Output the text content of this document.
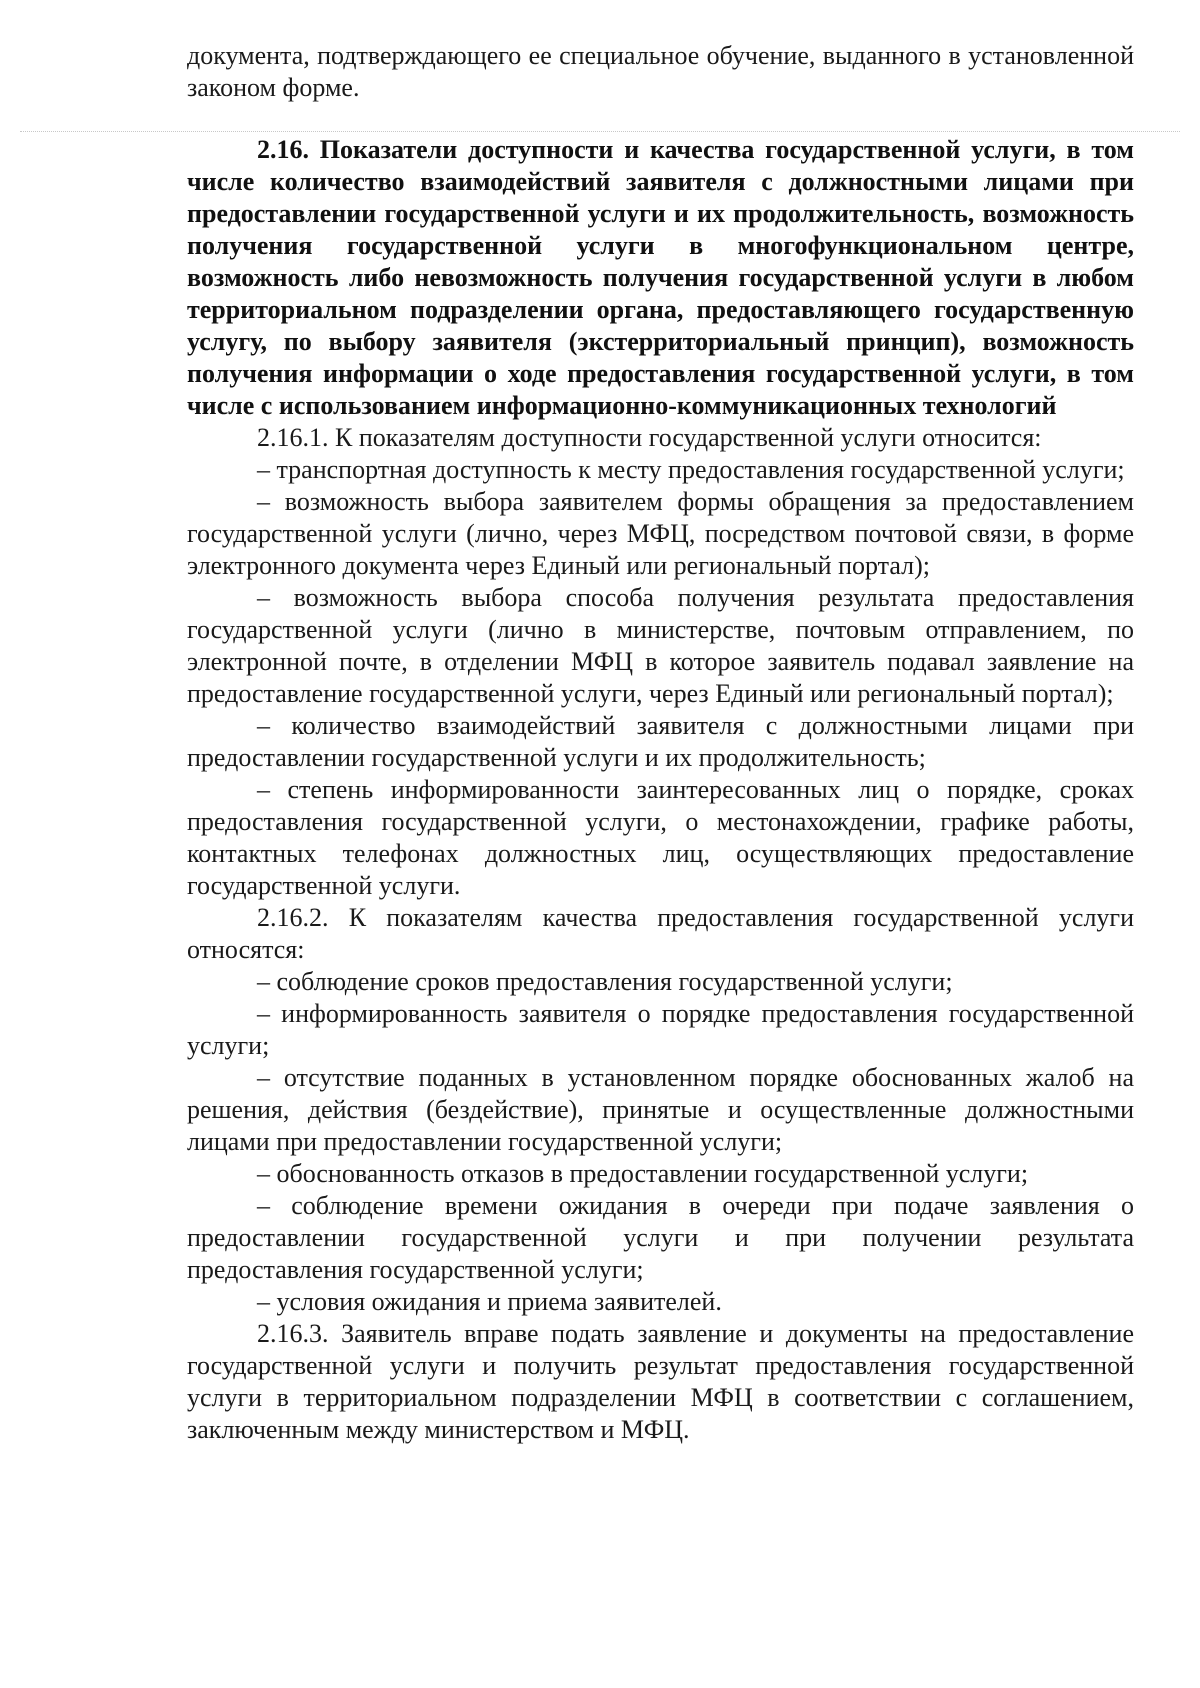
документа, подтверждающего ее специальное обучение, выданного в установленной законом форме.

2.16. Показатели доступности и качества государственной услуги, в том числе количество взаимодействий заявителя с должностными лицами при предоставлении государственной услуги и их продолжительность, возможность получения государственной услуги в многофункциональном центре, возможность либо невозможность получения государственной услуги в любом территориальном подразделении органа, предоставляющего государственную услугу, по выбору заявителя (экстерриториальный принцип), возможность получения информации о ходе предоставления государственной услуги, в том числе с использованием информационно-коммуникационных технологий

2.16.1. К показателям доступности государственной услуги относится:

– транспортная доступность к месту предоставления государственной услуги;

– возможность выбора заявителем формы обращения за предоставлением государственной услуги (лично, через МФЦ, посредством почтовой связи, в форме электронного документа через Единый или региональный портал);

– возможность выбора способа получения результата предоставления государственной услуги (лично в министерстве, почтовым отправлением, по электронной почте, в отделении МФЦ в которое заявитель подавал заявление на предоставление государственной услуги, через Единый или региональный портал);

– количество взаимодействий заявителя с должностными лицами при предоставлении государственной услуги и их продолжительность;

– степень информированности заинтересованных лиц о порядке, сроках предоставления государственной услуги, о местонахождении, графике работы, контактных телефонах должностных лиц, осуществляющих предоставление государственной услуги.

2.16.2. К показателям качества предоставления государственной услуги относятся:

– соблюдение сроков предоставления государственной услуги;

– информированность заявителя о порядке предоставления государственной услуги;

– отсутствие поданных в установленном порядке обоснованных жалоб на решения, действия (бездействие), принятые и осуществленные должностными лицами при предоставлении государственной услуги;

– обоснованность отказов в предоставлении государственной услуги;

– соблюдение времени ожидания в очереди при подаче заявления о предоставлении государственной услуги и при получении результата предоставления государственной услуги;

– условия ожидания и приема заявителей.

2.16.3. Заявитель вправе подать заявление и документы на предоставление государственной услуги и получить результат предоставления государственной услуги в территориальном подразделении МФЦ в соответствии с соглашением, заключенным между министерством и МФЦ.
